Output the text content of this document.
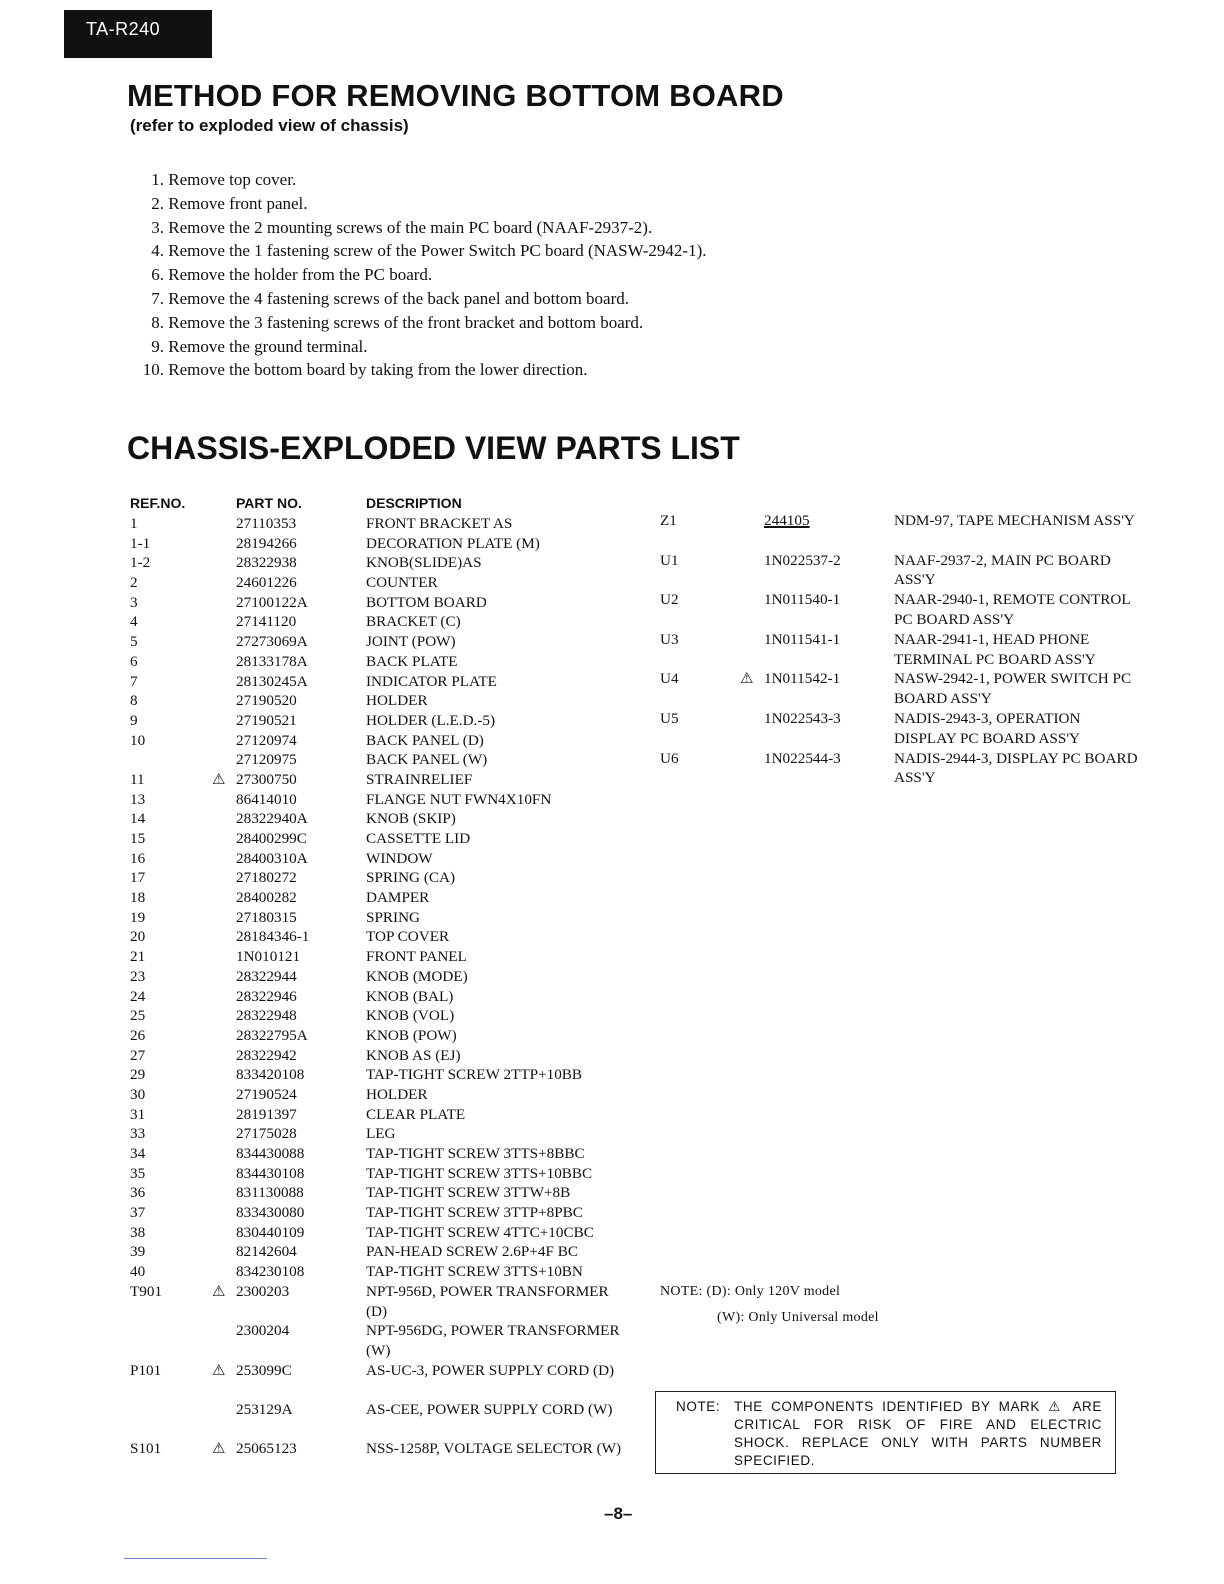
TA-R240
METHOD FOR REMOVING BOTTOM BOARD

(refer to exploded view of chassis)

1. Remove top cover.
2. Remove front panel.
3. Remove the 2 mounting screws of the main PC board (NAAF-2937-2).
4. Remove the 1 fastening screw of the Power Switch PC board (NASW-2942-1).
6. Remove the holder from the PC board.
7. Remove the 4 fastening screws of the back panel and bottom board.
8. Remove the 3 fastening screws of the front bracket and bottom board.
9. Remove the ground terminal.
10. Remove the bottom board by taking from the lower direction.
CHASSIS-EXPLODED VIEW PARTS LIST
REF.NO.	PART NO.	DESCRIPTION
1	27110353	FRONT BRACKET AS
1-1	28194266	DECORATION PLATE (M)
1-2	28322938	KNOB(SLIDE)AS
2	24601226	COUNTER
3	27100122A	BOTTOM BOARD
4	27141120	BRACKET (C)
5	27273069A	JOINT (POW)
6	28133178A	BACK PLATE
7	28130245A	INDICATOR PLATE
8	27190520	HOLDER
9	27190521	HOLDER (L.E.D.-5)
10	27120974	BACK PANEL (D)
27120975	BACK PANEL (W)
11	⚠ 27300750	STRAINRELIEF
13	86414010	FLANGE NUT FWN4X10FN
14	28322940A	KNOB (SKIP)
15	28400299C	CASSETTE LID
16	28400310A	WINDOW
17	27180272	SPRING (CA)
18	28400282	DAMPER
19	27180315	SPRING
20	28184346-1	TOP COVER
21	1N010121	FRONT PANEL
23	28322944	KNOB (MODE)
24	28322946	KNOB (BAL)
25	28322948	KNOB (VOL)
26	28322795A	KNOB (POW)
27	28322942	KNOB AS (EJ)
29	833420108	TAP-TIGHT SCREW 2TTP+10BB
30	27190524	HOLDER
31	28191397	CLEAR PLATE
33	27175028	LEG
34	834430088	TAP-TIGHT SCREW 3TTS+8BBC
35	834430108	TAP-TIGHT SCREW 3TTS+10BBC
36	831130088	TAP-TIGHT SCREW 3TTW+8B
37	833430080	TAP-TIGHT SCREW 3TTP+8PBC
38	830440109	TAP-TIGHT SCREW 4TTC+10CBC
39	82142604	PAN-HEAD SCREW 2.6P+4F BC
40	834230108	TAP-TIGHT SCREW 3TTS+10BN
T901	⚠ 2300203	NPT-956D, POWER TRANSFORMER (D)
2300204	NPT-956DG, POWER TRANSFORMER (W)
P101	⚠ 253099C	AS-UC-3, POWER SUPPLY CORD (D)
253129A	AS-CEE, POWER SUPPLY CORD (W)
S101	⚠ 25065123	NSS-1258P, VOLTAGE SELECTOR (W)
Z1	244105	NDM-97, TAPE MECHANISM ASS'Y
U1	1N022537-2	NAAF-2937-2, MAIN PC BOARD ASS'Y
U2	1N011540-1	NAAR-2940-1, REMOTE CONTROL PC BOARD ASS'Y
U3	1N011541-1	NAAR-2941-1, HEAD PHONE TERMINAL PC BOARD ASS'Y
U4	⚠ 1N011542-1	NASW-2942-1, POWER SWITCH PC BOARD ASS'Y
U5	1N022543-3	NADIS-2943-3, OPERATION DISPLAY PC BOARD ASS'Y
U6	1N022544-3	NADIS-2944-3, DISPLAY PC BOARD ASS'Y
NOTE: (D): Only 120V model
(W): Only Universal model
NOTE: THE COMPONENTS IDENTIFIED BY MARK ⚠ ARE CRITICAL FOR RISK OF FIRE AND ELECTRIC SHOCK. REPLACE ONLY WITH PARTS NUMBER SPECIFIED.
–8–
